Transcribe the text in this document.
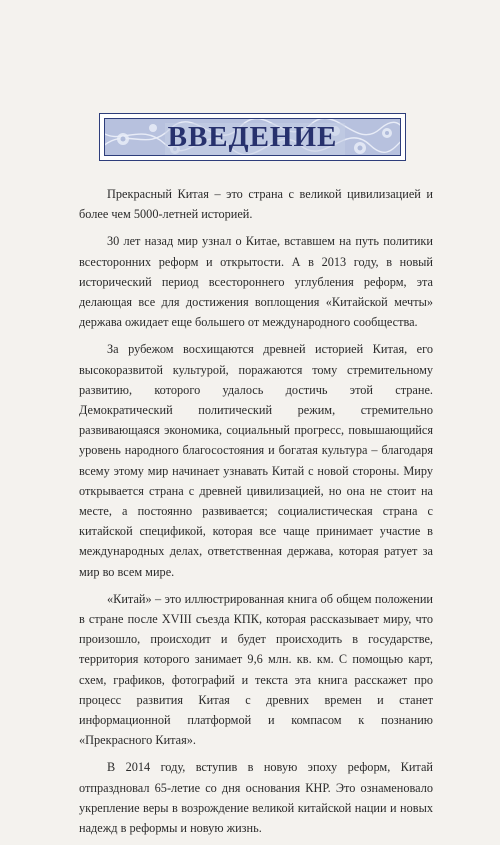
ВВЕДЕНИЕ

Прекрасный Китая – это страна с великой цивилизацией и более чем 5000-летней историей.

30 лет назад мир узнал о Китае, вставшем на путь политики всесторонних реформ и открытости. А в 2013 году, в новый исторический период всестороннего углубления реформ, эта делающая все для достижения воплощения «Китайской мечты» держава ожидает еще большего от международного сообщества.

За рубежом восхищаются древней историей Китая, его высокоразвитой культурой, поражаются тому стремительному развитию, которого удалось достичь этой стране. Демократический политический режим, стремительно развивающаяся экономика, социальный прогресс, повышающийся уровень народного благосостояния и богатая культура – благодаря всему этому мир начинает узнавать Китай с новой стороны. Миру открывается страна с древней цивилизацией, но она не стоит на месте, а постоянно развивается; социалистическая страна с китайской спецификой, которая все чаще принимает участие в международных делах, ответственная держава, которая ратует за мир во всем мире.

«Китай» – это иллюстрированная книга об общем положении в стране после XVIII съезда КПК, которая рассказывает миру, что произошло, происходит и будет происходить в государстве, территория которого занимает 9,6 млн. кв. км. С помощью карт, схем, графиков, фотографий и текста эта книга расскажет про процесс развития Китая с древних времен и станет информационной платформой и компасом к познанию «Прекрасного Китая».

В 2014 году, вступив в новую эпоху реформ, Китай отпраздновал 65-летие со дня основания КНР. Это ознаменовало укрепление веры в возрождение великой китайской нации и новых надежд в реформы и новую жизнь.
